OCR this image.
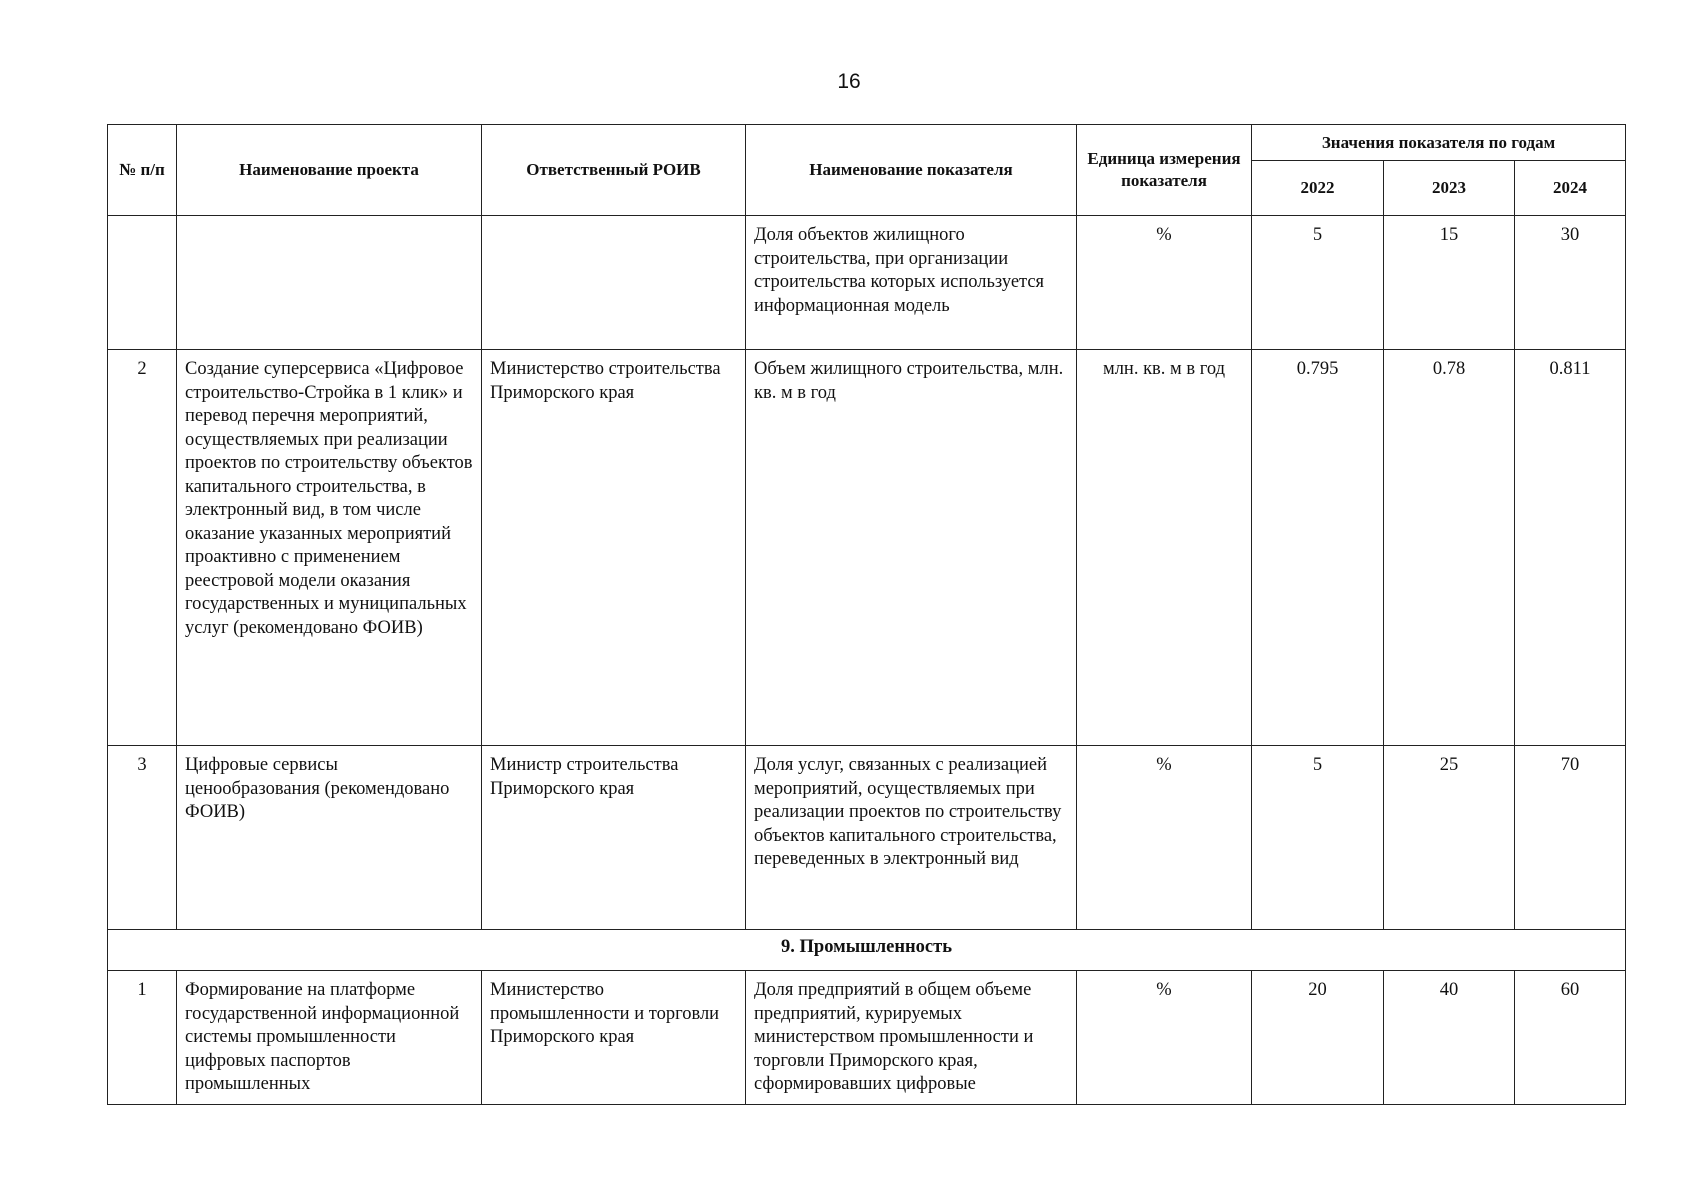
16
№ п/п	Наименование проекта	Ответственный РОИВ	Наименование показателя	Единица измерения показателя	Значения показателя по годам		
					2022	2023	2024
			Доля объектов жилищного строительства, при организации строительства которых используется информационная модель	%	5	15	30
2	Создание суперсервиса «Цифровое строительство-Стройка в 1 клик» и перевод перечня мероприятий, осуществляемых при реализации проектов по строительству объектов капитального строительства, в электронный вид, в том числе оказание указанных мероприятий проактивно с применением реестровой модели оказания государственных и муниципальных услуг (рекомендовано ФОИВ)	Министерство строительства Приморского края	Объем жилищного строительства, млн. кв. м в год	млн. кв. м в год	0.795	0.78	0.811
3	Цифровые сервисы ценообразования (рекомендовано ФОИВ)	Министр строительства Приморского края	Доля услуг, связанных с реализацией мероприятий, осуществляемых при реализации проектов по строительству объектов капитального строительства, переведенных в электронный вид	%	5	25	70
9. Промышленность							
1	Формирование на платформе государственной информационной системы промышленности цифровых паспортов промышленных	Министерство промышленности и торговли Приморского края	Доля предприятий в общем объеме предприятий, курируемых министерством промышленности и торговли Приморского края, сформировавших цифровые	%	20	40	60
